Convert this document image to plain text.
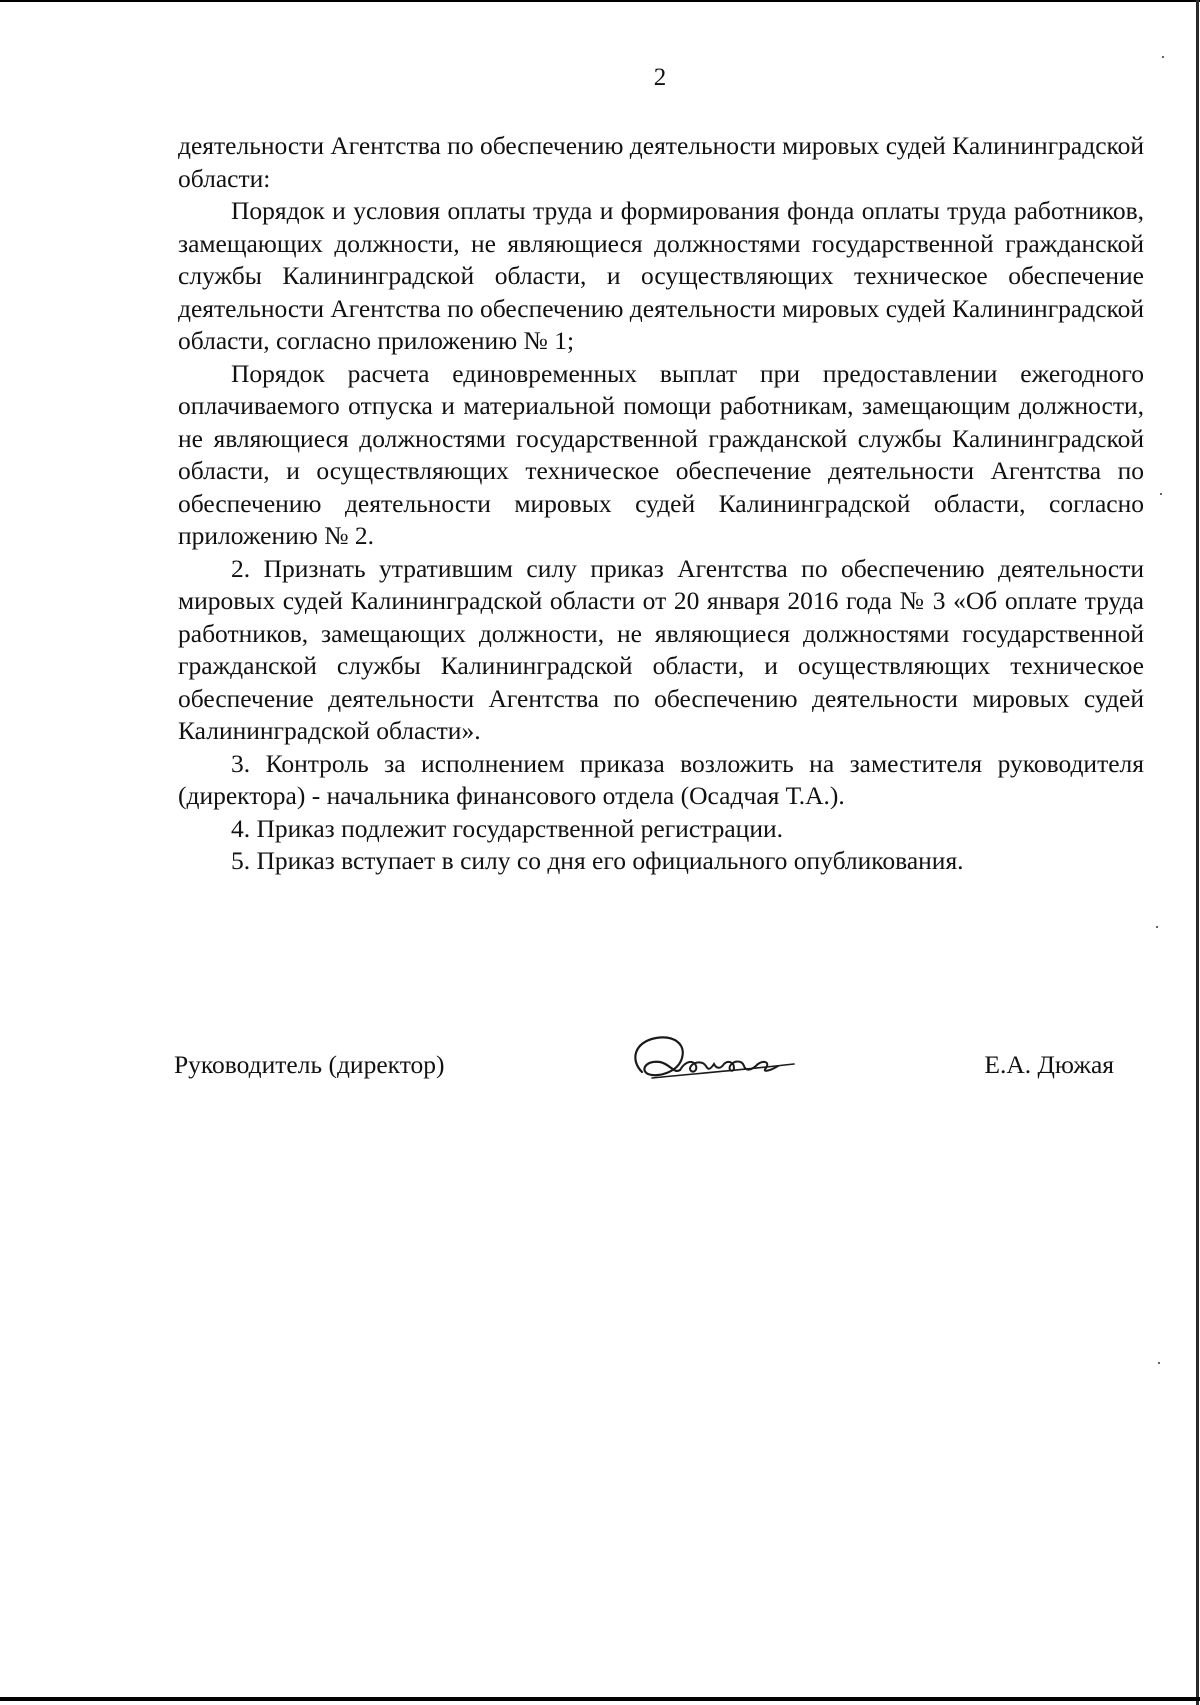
2

деятельности Агентства по обеспечению деятельности мировых судей Калининградской области:

Порядок и условия оплаты труда и формирования фонда оплаты труда работников, замещающих должности, не являющиеся должностями государственной гражданской службы Калининградской области, и осуществляющих техническое обеспечение деятельности Агентства по обеспечению деятельности мировых судей Калининградской области, согласно приложению № 1;

Порядок расчета единовременных выплат при предоставлении ежегодного оплачиваемого отпуска и материальной помощи работникам, замещающим должности, не являющиеся должностями государственной гражданской службы Калининградской области, и осуществляющих техническое обеспечение деятельности Агентства по обеспечению деятельности мировых судей Калининградской области, согласно приложению № 2.

2. Признать утратившим силу приказ Агентства по обеспечению деятельности мировых судей Калининградской области от 20 января 2016 года № 3 «Об оплате труда работников, замещающих должности, не являющиеся должностями государственной гражданской службы Калининградской области, и осуществляющих техническое обеспечение деятельности Агентства по обеспечению деятельности мировых судей Калининградской области».

3. Контроль за исполнением приказа возложить на заместителя руководителя (директора) - начальника финансового отдела (Осадчая Т.А.).

4. Приказ подлежит государственной регистрации.

5. Приказ вступает в силу со дня его официального опубликования.

Руководитель (директор)	Е.А. Дюжая
